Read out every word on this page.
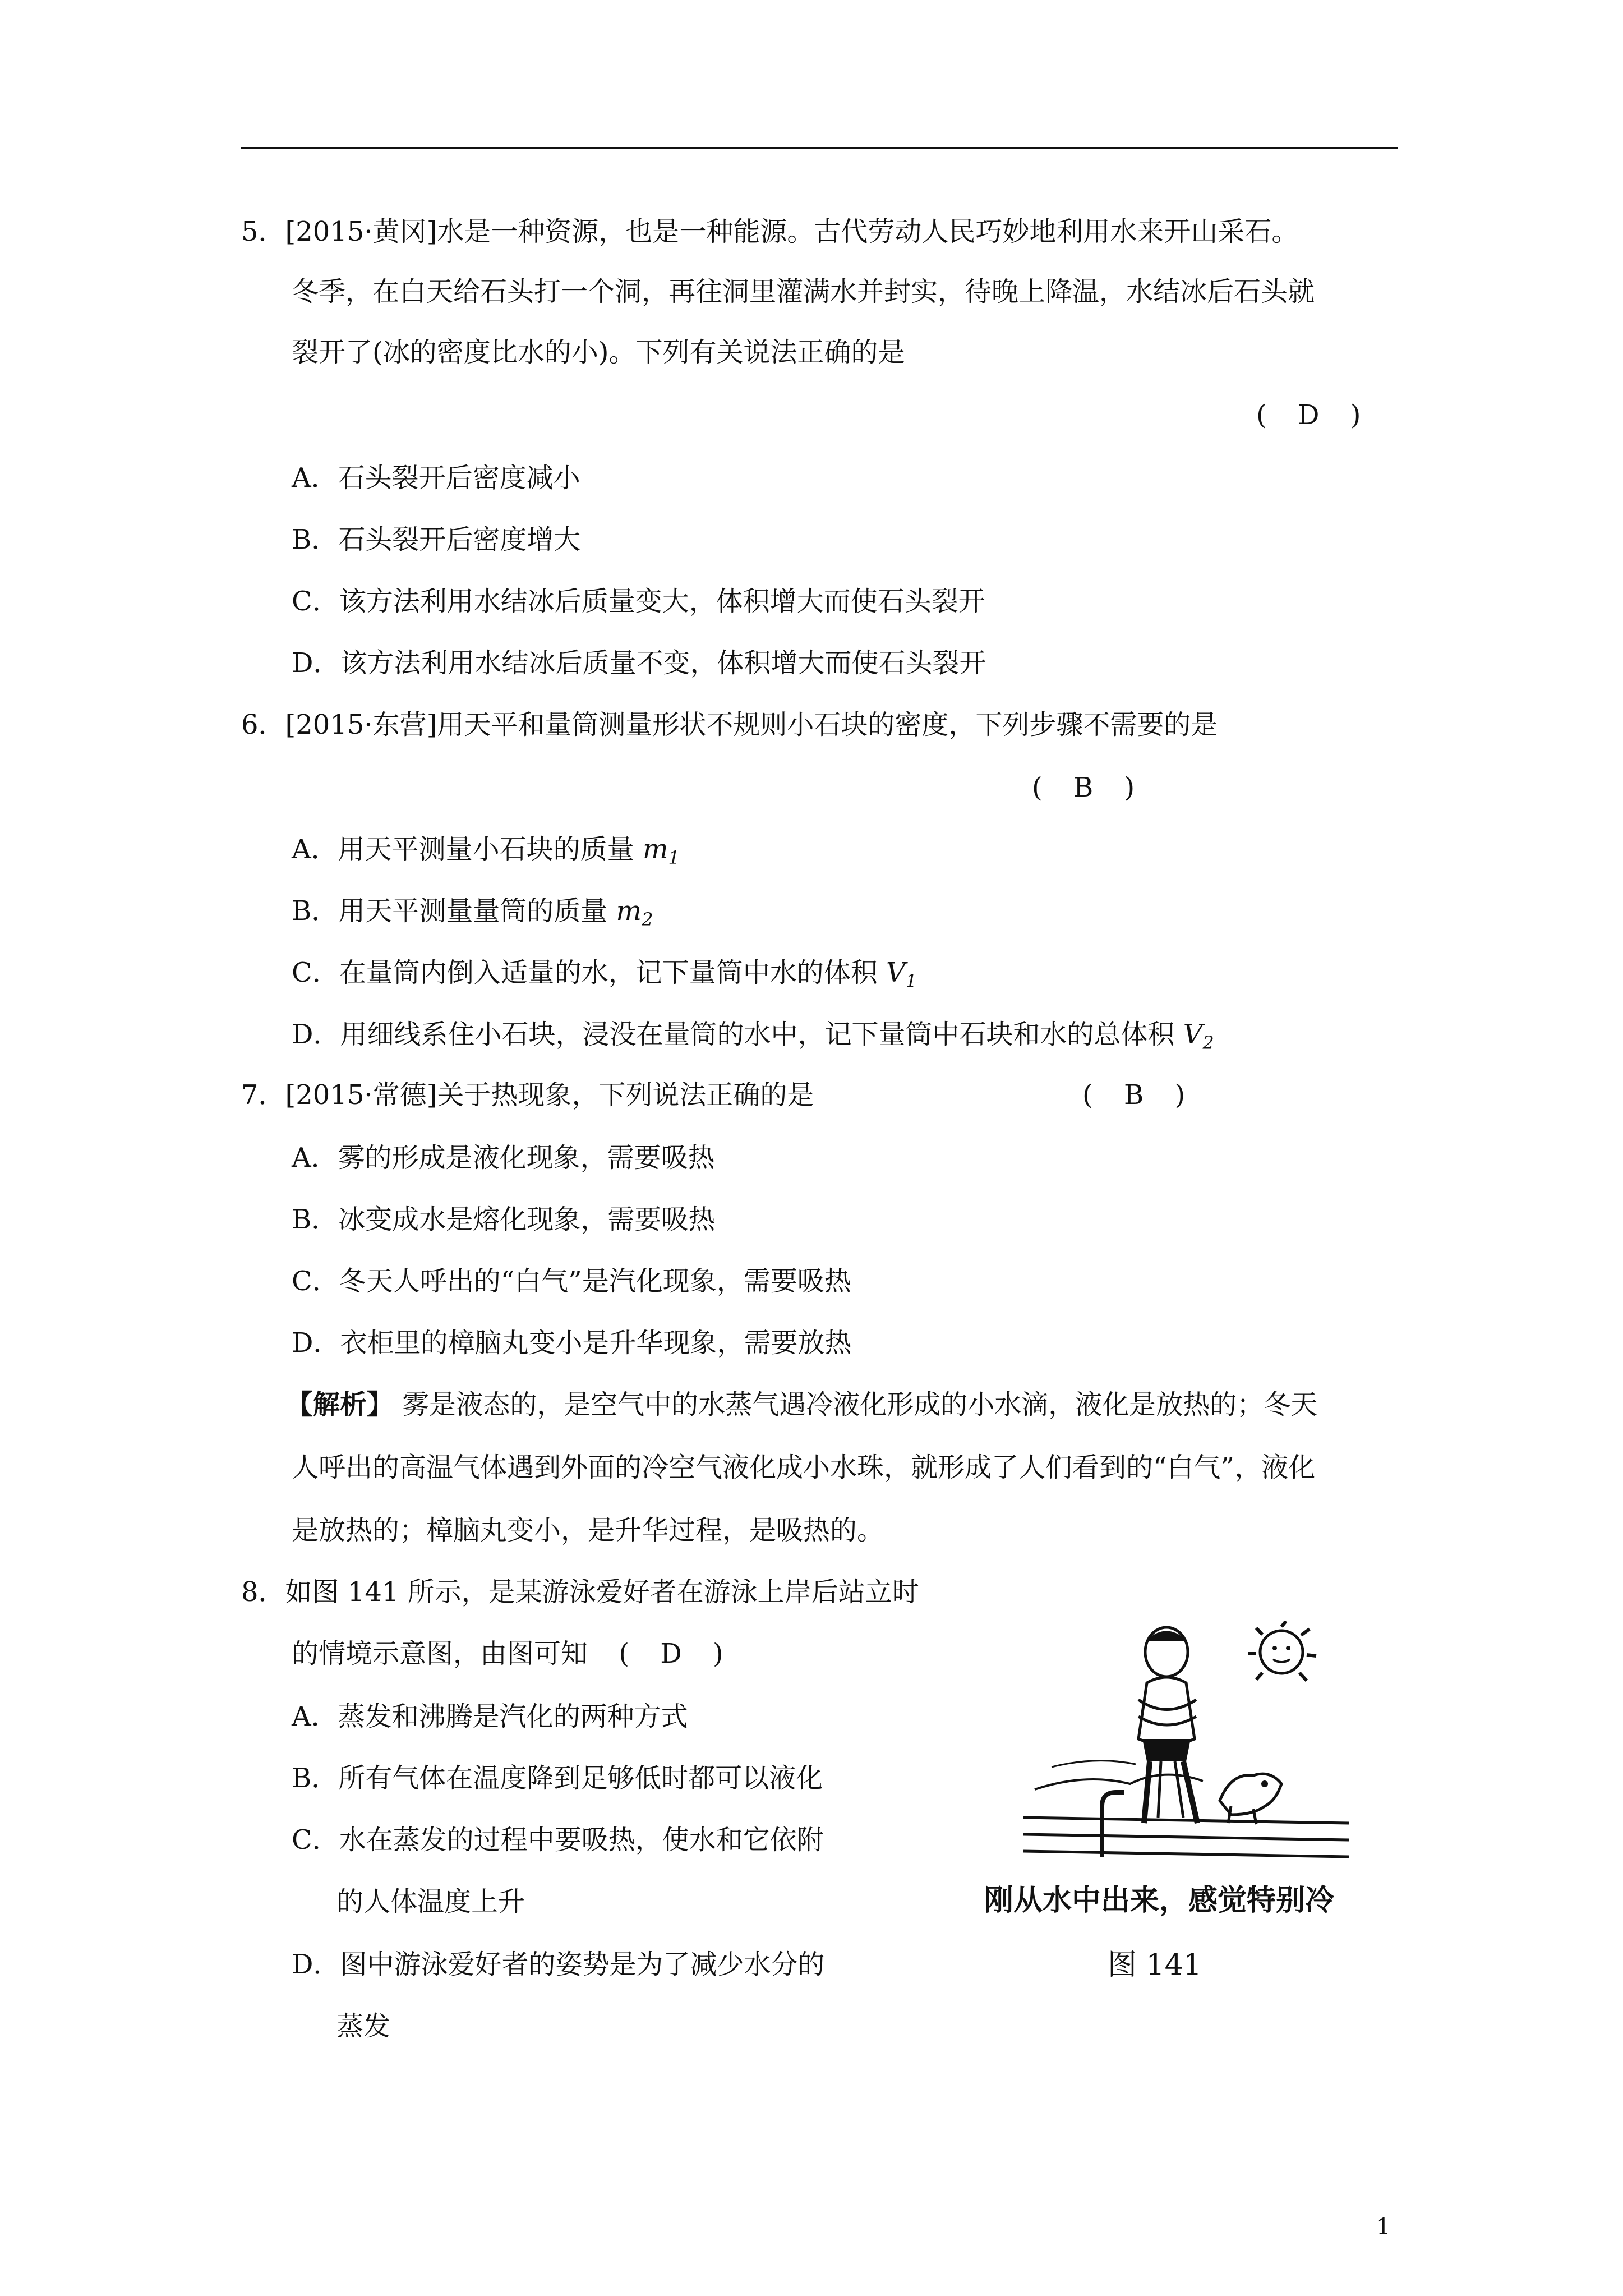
5．[2015·黄冈]水是一种资源，也是一种能源。古代劳动人民巧妙地利用水来开山采石。
冬季，在白天给石头打一个洞，再往洞里灌满水并封实，待晚上降温，水结冰后石头就
裂开了(冰的密度比水的小)。下列有关说法正确的是
( D )
A．石头裂开后密度减小
B．石头裂开后密度增大
C．该方法利用水结冰后质量变大，体积增大而使石头裂开
D．该方法利用水结冰后质量不变，体积增大而使石头裂开
6．[2015·东营]用天平和量筒测量形状不规则小石块的密度，下列步骤不需要的是
( B )
A．用天平测量小石块的质量 $m_1$
B．用天平测量量筒的质量 $m_2$
C．在量筒内倒入适量的水，记下量筒中水的体积 $V_1$
D．用细线系住小石块，浸没在量筒的水中，记下量筒中石块和水的总体积 $V_2$
7．[2015·常德]关于热现象，下列说法正确的是	( B )
A．雾的形成是液化现象，需要吸热
B．冰变成水是熔化现象，需要吸热
C．冬天人呼出的“白气”是汽化现象，需要吸热
D．衣柜里的樟脑丸变小是升华现象，需要放热
【解析】 雾是液态的，是空气中的水蒸气遇冷液化形成的小水滴，液化是放热的；冬天
人呼出的高温气体遇到外面的冷空气液化成小水珠，就形成了人们看到的“白气”，液化
是放热的；樟脑丸变小，是升华过程，是吸热的。
8．如图 141 所示，是某游泳爱好者在游泳上岸后站立时
的情境示意图，由图可知 ( D )
A．蒸发和沸腾是汽化的两种方式
B．所有气体在温度降到足够低时都可以液化
C．水在蒸发的过程中要吸热，使水和它依附
的人体温度上升
D．图中游泳爱好者的姿势是为了减少水分的
蒸发
刚从水中出来，感觉特别冷
图 141
1
